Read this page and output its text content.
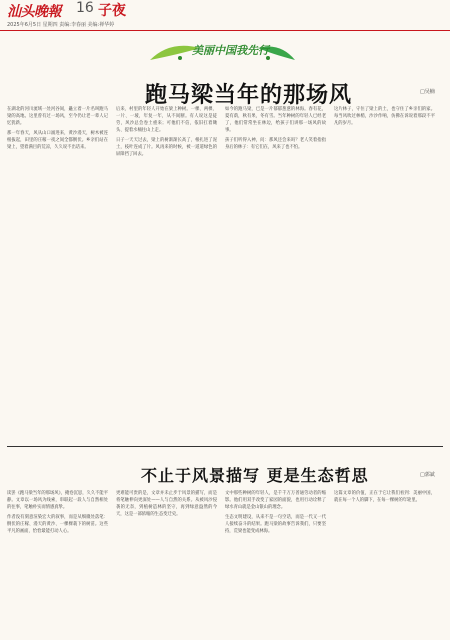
汕头晚報 16 子夜
2025年6月5日 星期四 责编:李春丽 美编:禅华婷
美丽中国我先行
跑马梁当年的那场风	□吴楠

在湖北的河川流域一处河谷间，矗立着一片名叫跑马梁的高地。这里曾有过一场风，至今仍让老一辈人记忆犹新。

那一年春天，风从山口涌进来，黄沙漫天，树木被连根拔起，田里的庄稼一夜之间全都倒伏。乡亲们站在梁上，望着满目的荒凉，久久说不出话来。

后来，村里的年轻人开始在梁上种树。一棵、两棵、一片、一坡，年复一年，从不间断。有人说这是徒劳，风沙总会卷土重来；可他们不信，依旧扛着锄头、提着水桶往山上走。

日子一天天过去，梁上的树渐渐长高了，根扎进了泥土，枝叶连成了片。风再来的时候，被一道道绿色的屏障挡了回去。

如今的跑马梁，已是一片郁郁葱葱的林海。春有花，夏有荫，秋有果，冬有雪。当年种树的年轻人已经老了，他们常常坐在林边，给孩子们讲那一场风的故事。

孩子们听得入神，问：那风还会来吗？老人笑着指指身后的林子：有它们在，风来了也不怕。

这片林子，守住了梁上的土，也守住了乡亲们的家。每当风吹过林梢，沙沙作响，仿佛在诉说着那段不平凡的岁月。

不止于风景描写 更是生态哲思	□郭斌

读罢《跑马梁当年的那场风》，掩卷沉思，久久不能平静。文章以一场风为线索，串联起一段人与自然相处的往事，笔触朴实而情感真挚。

作者没有刻意渲染宏大的叙事，而是从细微处落笔：倒伏的庄稼、漫天的黄沙、一棵棵栽下的树苗。这些平凡的画面，恰恰最能打动人心。

更难能可贵的是，文章并未止步于风景的描写，而是将笔触伸向更深处——人与自然的关系。从被风沙侵袭的无奈，到植树造林的坚守，再到绿意盎然的今天，这是一部浓缩的生态变迁史。

文中那些种树的年轻人，是千千万万普通劳动者的缩影。他们用双手改变了家园的面貌，也用行动诠释了绿水青山就是金山银山的理念。

生态文明建设，从来不是一句空话，而是一代又一代人接续奋斗的结果。跑马梁的故事告诉我们，只要坚持，荒梁也能变成林海。

这篇文章的价值，正在于它让我们看到：美丽中国，就在每一个人的脚下，在每一棵树的年轮里。
